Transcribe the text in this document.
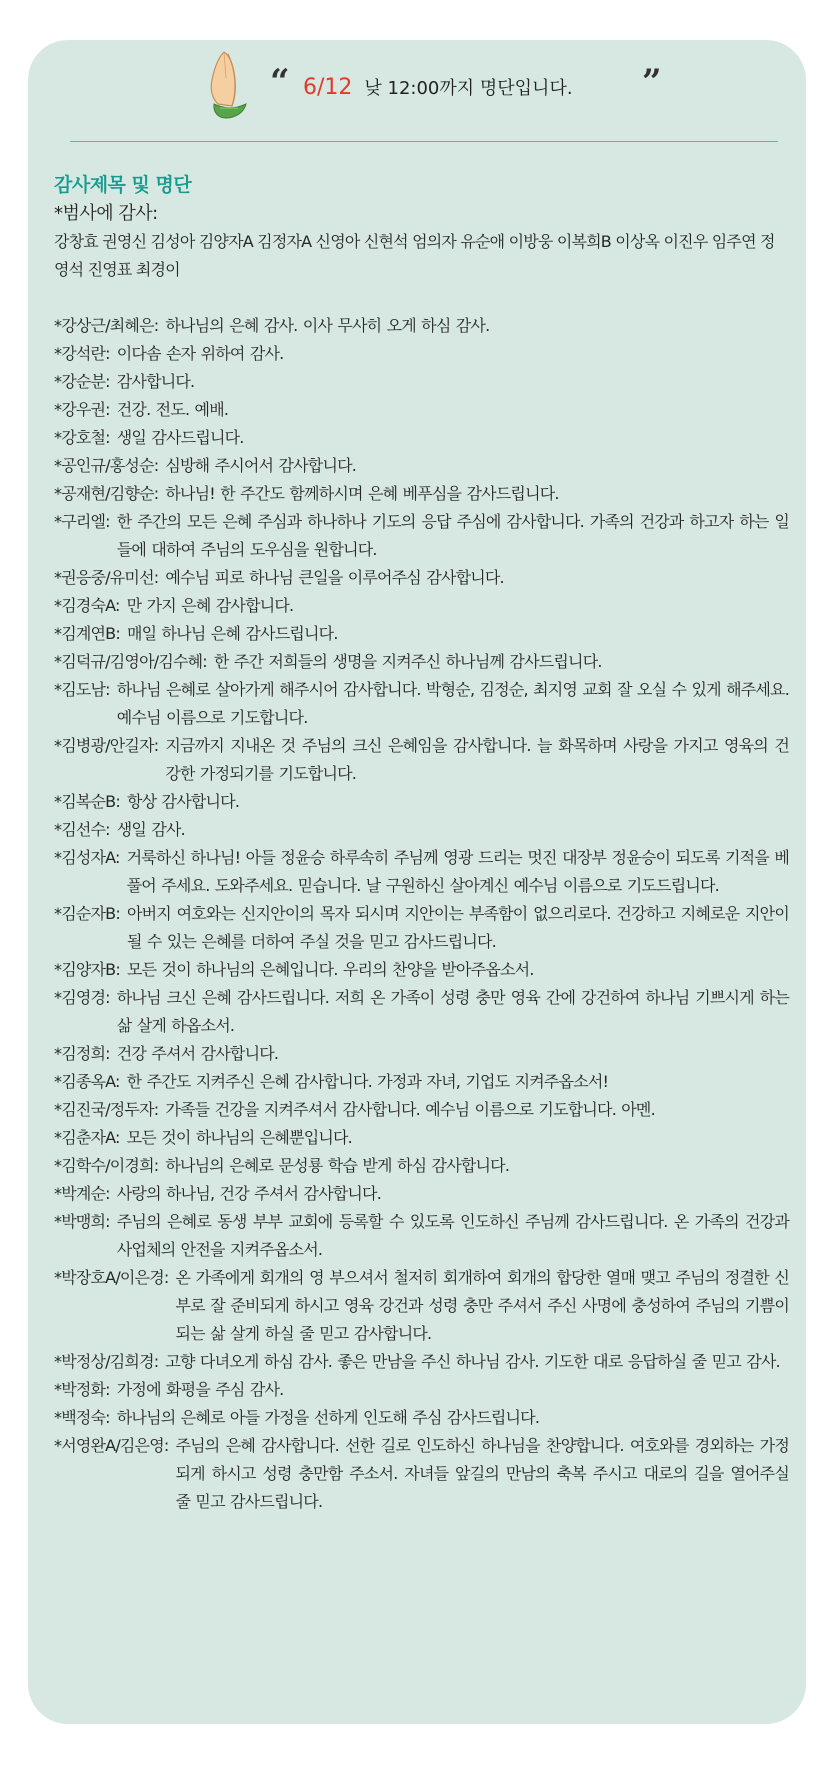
“ 6/12 낮 12:00까지 명단입니다. ”
감사제목 및 명단
*범사에 감사:
강창효 권영신 김성아 김양자A 김정자A 신영아 신현석 엄의자 유순애 이방웅 이복희B 이상옥 이진우 임주연 정영석 진영표 최경이
*강상근/최혜은: 하나님의 은혜 감사. 이사 무사히 오게 하심 감사.
*강석란: 이다솜 손자 위하여 감사.
*강순분: 감사합니다.
*강우권: 건강. 전도. 예배.
*강호철: 생일 감사드립니다.
*공인규/홍성순: 심방해 주시어서 감사합니다.
*공재현/김향순: 하나님! 한 주간도 함께하시며 은혜 베푸심을 감사드립니다.
*구리엘: 한 주간의 모든 은혜 주심과 하나하나 기도의 응답 주심에 감사합니다. 가족의 건강과 하고자 하는 일들에 대하여 주님의 도우심을 원합니다.
*권응중/유미선: 예수님 피로 하나님 큰일을 이루어주심 감사합니다.
*김경숙A: 만 가지 은혜 감사합니다.
*김계연B: 매일 하나님 은혜 감사드립니다.
*김덕규/김영아/김수혜: 한 주간 저희들의 생명을 지켜주신 하나님께 감사드립니다.
*김도남: 하나님 은혜로 살아가게 해주시어 감사합니다. 박형순, 김정순, 최지영 교회 잘 오실 수 있게 해주세요. 예수님 이름으로 기도합니다.
*김병광/안길자: 지금까지 지내온 것 주님의 크신 은혜임을 감사합니다. 늘 화목하며 사랑을 가지고 영육의 건강한 가정되기를 기도합니다.
*김복순B: 항상 감사합니다.
*김선수: 생일 감사.
*김성자A: 거룩하신 하나님! 아들 정윤승 하루속히 주님께 영광 드리는 멋진 대장부 정윤승이 되도록 기적을 베풀어 주세요. 도와주세요. 믿습니다. 날 구원하신 살아계신 예수님 이름으로 기도드립니다.
*김순자B: 아버지 여호와는 신지안이의 목자 되시며 지안이는 부족함이 없으리로다. 건강하고 지혜로운 지안이 될 수 있는 은혜를 더하여 주실 것을 믿고 감사드립니다.
*김양자B: 모든 것이 하나님의 은혜입니다. 우리의 찬양을 받아주옵소서.
*김영경: 하나님 크신 은혜 감사드립니다. 저희 온 가족이 성령 충만 영육 간에 강건하여 하나님 기쁘시게 하는 삶 살게 하옵소서.
*김정희: 건강 주셔서 감사합니다.
*김종옥A: 한 주간도 지켜주신 은혜 감사합니다. 가정과 자녀, 기업도 지켜주옵소서!
*김진국/정두자: 가족들 건강을 지켜주셔서 감사합니다. 예수님 이름으로 기도합니다. 아멘.
*김춘자A: 모든 것이 하나님의 은혜뿐입니다.
*김학수/이경희: 하나님의 은혜로 문성룡 학습 받게 하심 감사합니다.
*박계순: 사랑의 하나님, 건강 주셔서 감사합니다.
*박맹희: 주님의 은혜로 동생 부부 교회에 등록할 수 있도록 인도하신 주님께 감사드립니다. 온 가족의 건강과 사업체의 안전을 지켜주옵소서.
*박장호A/이은경: 온 가족에게 회개의 영 부으셔서 철저히 회개하여 회개의 합당한 열매 맺고 주님의 정결한 신부로 잘 준비되게 하시고 영육 강건과 성령 충만 주셔서 주신 사명에 충성하여 주님의 기쁨이 되는 삶 살게 하실 줄 믿고 감사합니다.
*박정상/김희경: 고향 다녀오게 하심 감사. 좋은 만남을 주신 하나님 감사. 기도한 대로 응답하실 줄 믿고 감사.
*박정화: 가정에 화평을 주심 감사.
*백정숙: 하나님의 은혜로 아들 가정을 선하게 인도해 주심 감사드립니다.
*서영완A/김은영: 주님의 은혜 감사합니다. 선한 길로 인도하신 하나님을 찬양합니다. 여호와를 경외하는 가정되게 하시고 성령 충만함 주소서. 자녀들 앞길의 만남의 축복 주시고 대로의 길을 열어주실 줄 믿고 감사드립니다.
